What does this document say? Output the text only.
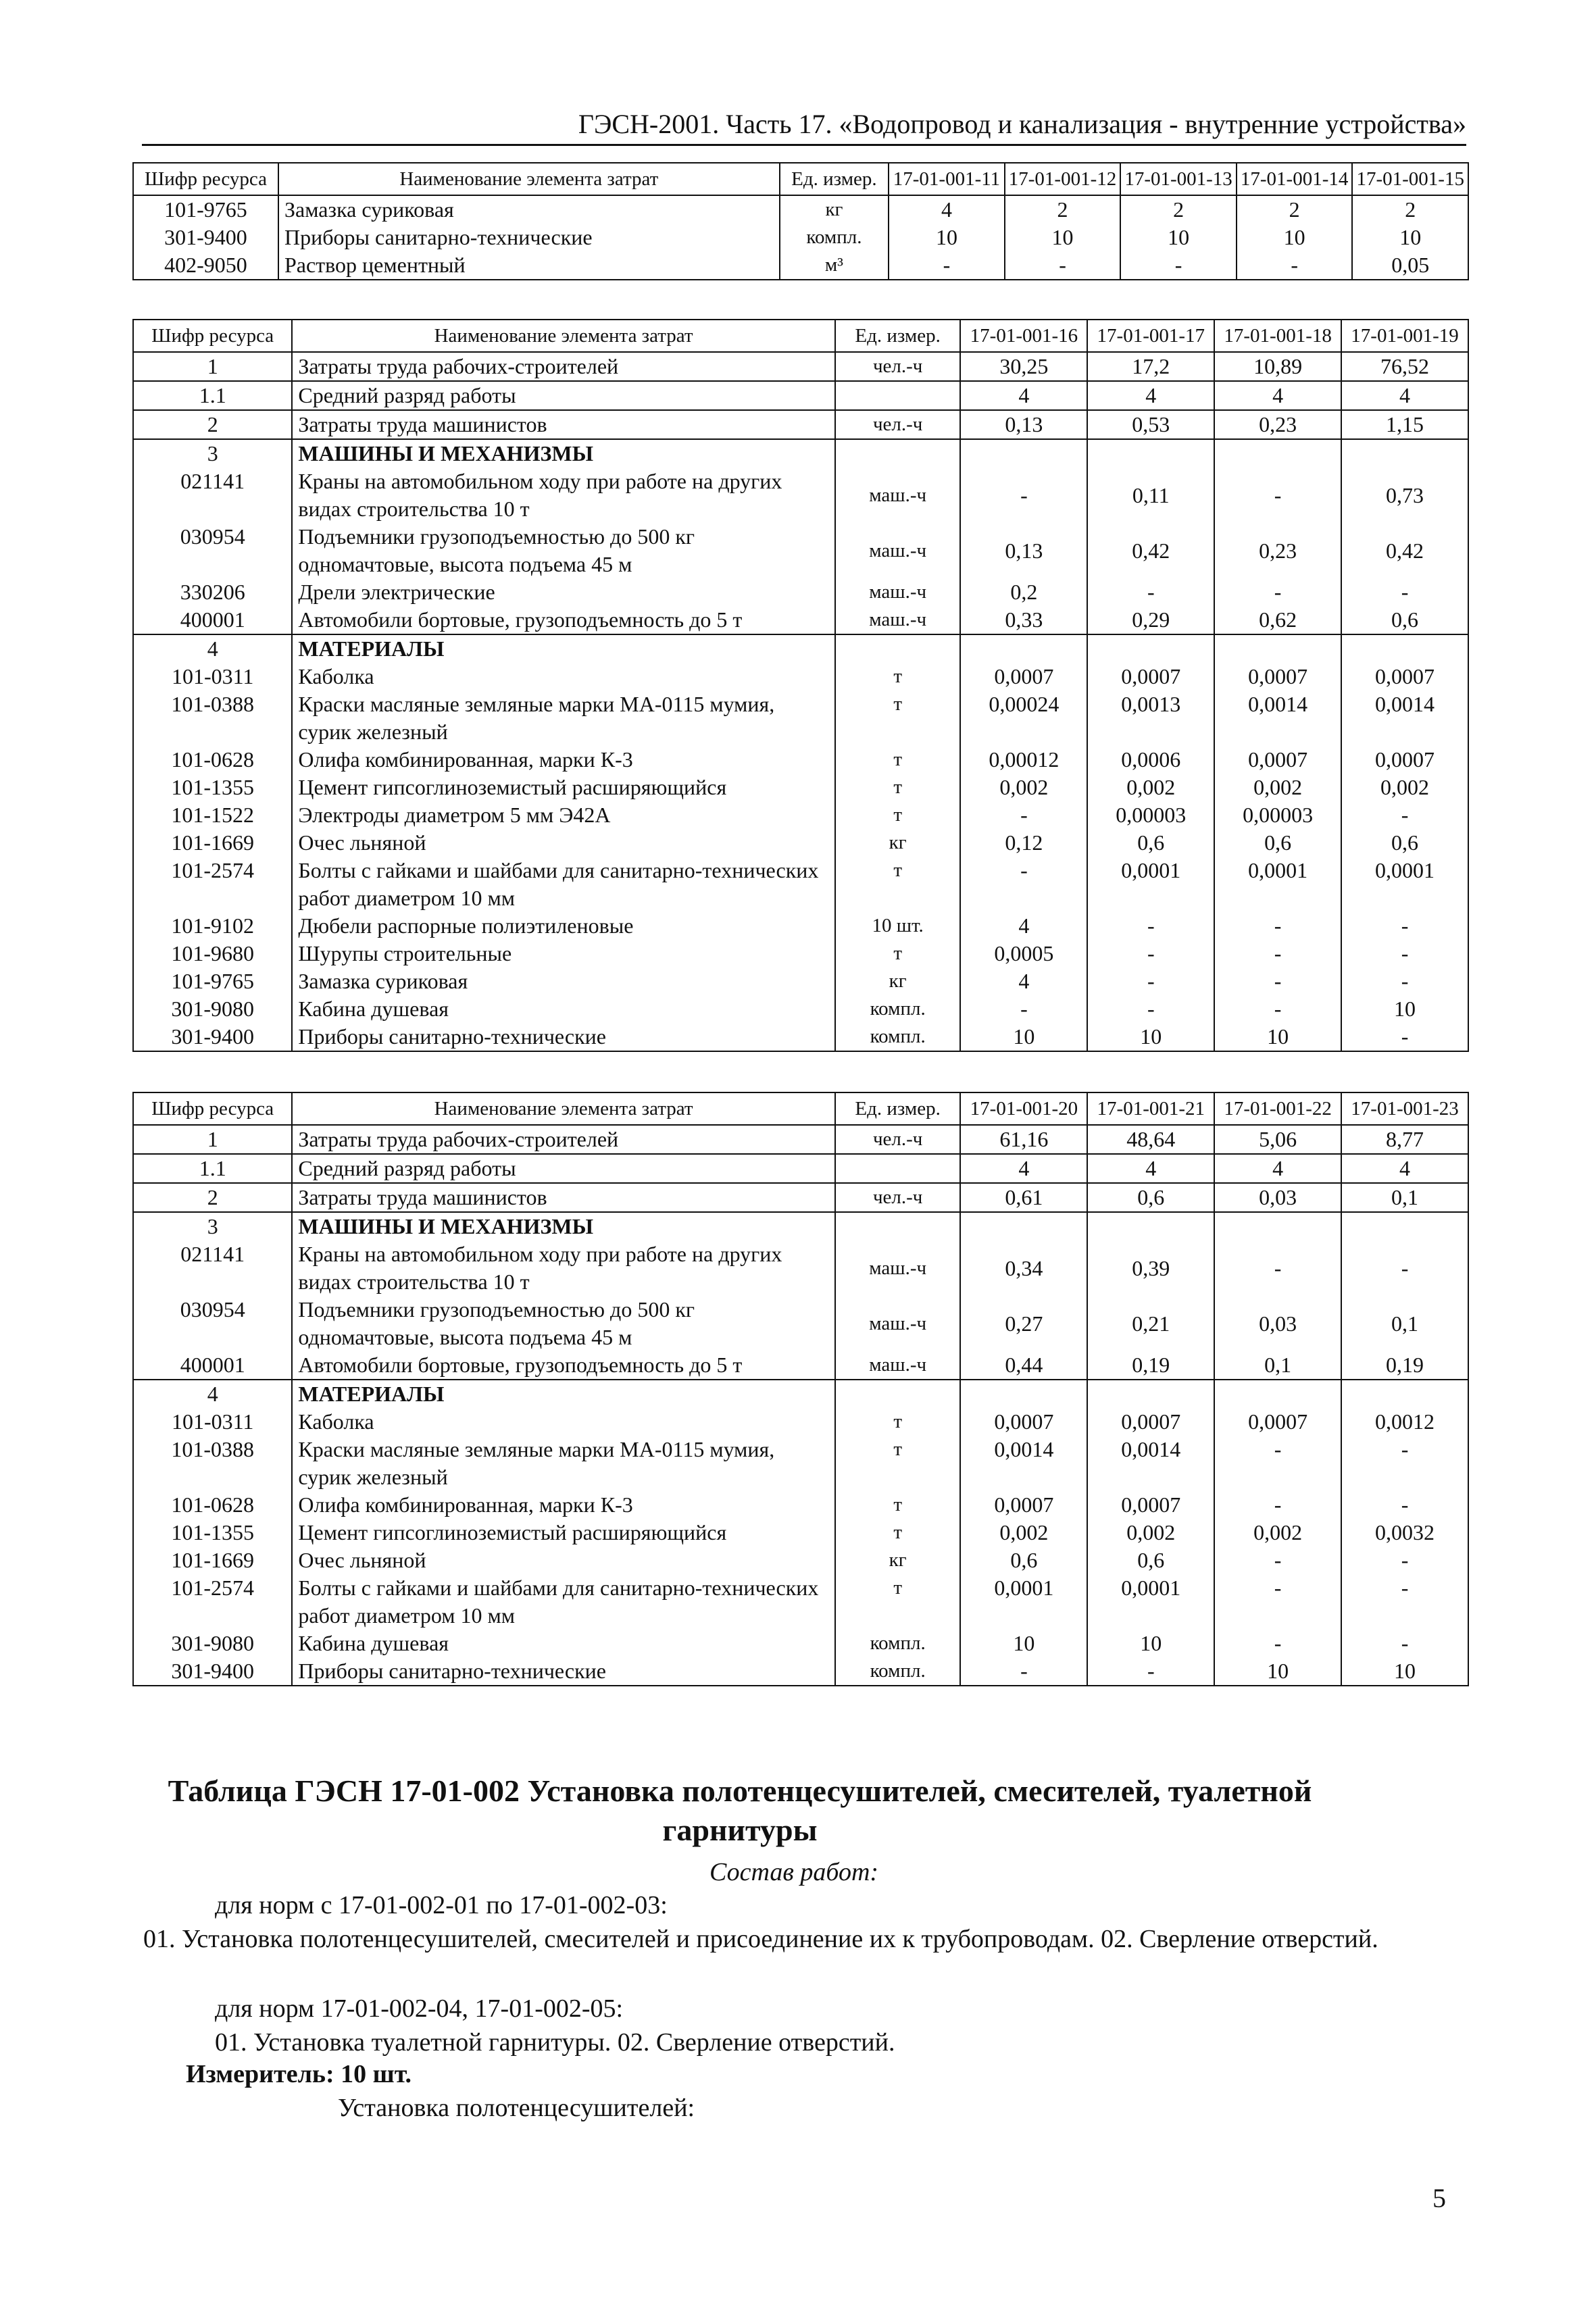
ГЭСН-2001. Часть 17. «Водопровод и канализация - внутренние устройства»
Шифр ресурса	Наименование элемента затрат	Ед. измер.	17-01-001-11	17-01-001-12	17-01-001-13	17-01-001-14	17-01-001-15
101-9765	Замазка суриковая	кг	4	2	2	2	2
301-9400	Приборы санитарно-технические	компл.	10	10	10	10	10
402-9050	Раствор цементный	м³	-	-	-	-	0,05
Шифр ресурса	Наименование элемента затрат	Ед. измер.	17-01-001-16	17-01-001-17	17-01-001-18	17-01-001-19
1	Затраты труда рабочих-строителей	чел.-ч	30,25	17,2	10,89	76,52
1.1	Средний разряд работы		4	4	4	4
2	Затраты труда машинистов	чел.-ч	0,13	0,53	0,23	1,15
3	МАШИНЫ И МЕХАНИЗМЫ					
021141	Краны на автомобильном ходу при работе на других видах строительства 10 т	маш.-ч	-	0,11	-	0,73
030954	Подъемники грузоподъемностью до 500 кг одномачтовые, высота подъема 45 м	маш.-ч	0,13	0,42	0,23	0,42
330206	Дрели электрические	маш.-ч	0,2	-	-	-
400001	Автомобили бортовые, грузоподъемность до 5 т	маш.-ч	0,33	0,29	0,62	0,6
4	МАТЕРИАЛЫ					
101-0311	Каболка	т	0,0007	0,0007	0,0007	0,0007
101-0388	Краски масляные земляные марки МА-0115 мумия, сурик железный	т	0,00024	0,0013	0,0014	0,0014
101-0628	Олифа комбинированная, марки К-3	т	0,00012	0,0006	0,0007	0,0007
101-1355	Цемент гипсоглиноземистый расширяющийся	т	0,002	0,002	0,002	0,002
101-1522	Электроды диаметром 5 мм Э42А	т	-	0,00003	0,00003	-
101-1669	Очес льняной	кг	0,12	0,6	0,6	0,6
101-2574	Болты с гайками и шайбами для санитарно-технических работ диаметром 10 мм	т	-	0,0001	0,0001	0,0001
101-9102	Дюбели распорные полиэтиленовые	10 шт.	4	-	-	-
101-9680	Шурупы строительные	т	0,0005	-	-	-
101-9765	Замазка суриковая	кг	4	-	-	-
301-9080	Кабина душевая	компл.	-	-	-	10
301-9400	Приборы санитарно-технические	компл.	10	10	10	-
Шифр ресурса	Наименование элемента затрат	Ед. измер.	17-01-001-20	17-01-001-21	17-01-001-22	17-01-001-23
1	Затраты труда рабочих-строителей	чел.-ч	61,16	48,64	5,06	8,77
1.1	Средний разряд работы		4	4	4	4
2	Затраты труда машинистов	чел.-ч	0,61	0,6	0,03	0,1
3	МАШИНЫ И МЕХАНИЗМЫ					
021141	Краны на автомобильном ходу при работе на других видах строительства 10 т	маш.-ч	0,34	0,39	-	-
030954	Подъемники грузоподъемностью до 500 кг одномачтовые, высота подъема 45 м	маш.-ч	0,27	0,21	0,03	0,1
400001	Автомобили бортовые, грузоподъемность до 5 т	маш.-ч	0,44	0,19	0,1	0,19
4	МАТЕРИАЛЫ					
101-0311	Каболка	т	0,0007	0,0007	0,0007	0,0012
101-0388	Краски масляные земляные марки МА-0115 мумия, сурик железный	т	0,0014	0,0014	-	-
101-0628	Олифа комбинированная, марки К-3	т	0,0007	0,0007	-	-
101-1355	Цемент гипсоглиноземистый расширяющийся	т	0,002	0,002	0,002	0,0032
101-1669	Очес льняной	кг	0,6	0,6	-	-
101-2574	Болты с гайками и шайбами для санитарно-технических работ диаметром 10 мм	т	0,0001	0,0001	-	-
301-9080	Кабина душевая	компл.	10	10	-	-
301-9400	Приборы санитарно-технические	компл.	-	-	10	10
Таблица ГЭСН 17-01-002 Установка полотенцесушителей, смесителей, туалетной гарнитуры
Состав работ:
для норм с 17-01-002-01 по 17-01-002-03:
01. Установка полотенцесушителей, смесителей и присоединение их к трубопроводам. 02. Сверление отверстий.
для норм 17-01-002-04, 17-01-002-05:
01. Установка туалетной гарнитуры. 02. Сверление отверстий.
Измеритель: 10 шт.
Установка полотенцесушителей:
5
